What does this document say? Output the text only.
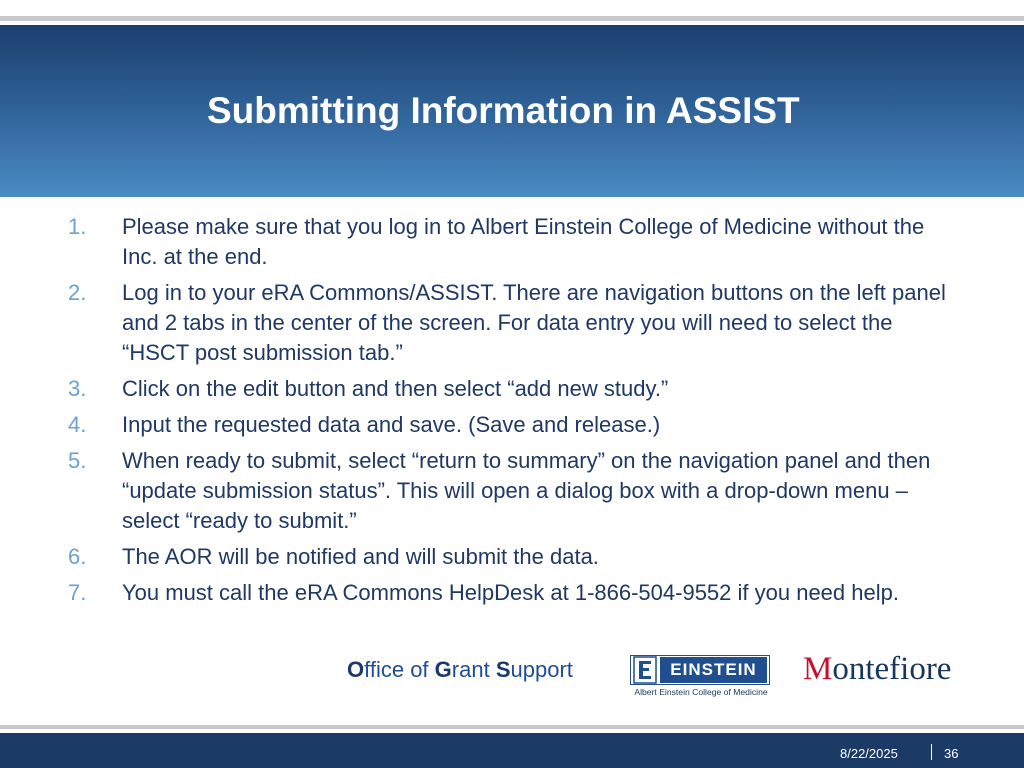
Submitting Information in ASSIST
1.	Please make sure that you log in to Albert Einstein College of Medicine without the Inc. at the end.
2.	Log in to your eRA Commons/ASSIST. There are navigation buttons on the left panel and 2 tabs in the center of the screen. For data entry you will need to select the “HSCT post submission tab.”
3.	Click on the edit button and then select “add new study.”
4.	Input the requested data and save. (Save and release.)
5.	When ready to submit, select “return to summary” on the navigation panel and then “update submission status”. This will open a dialog box with a drop-down menu – select “ready to submit.”
6.	The AOR will be notified and will submit the data.
7.	You must call the eRA Commons HelpDesk at 1-866-504-9552 if you need help.
Office of Grant Support	EINSTEIN
Albert Einstein College of Medicine
Montefiore
8/22/2025	36
